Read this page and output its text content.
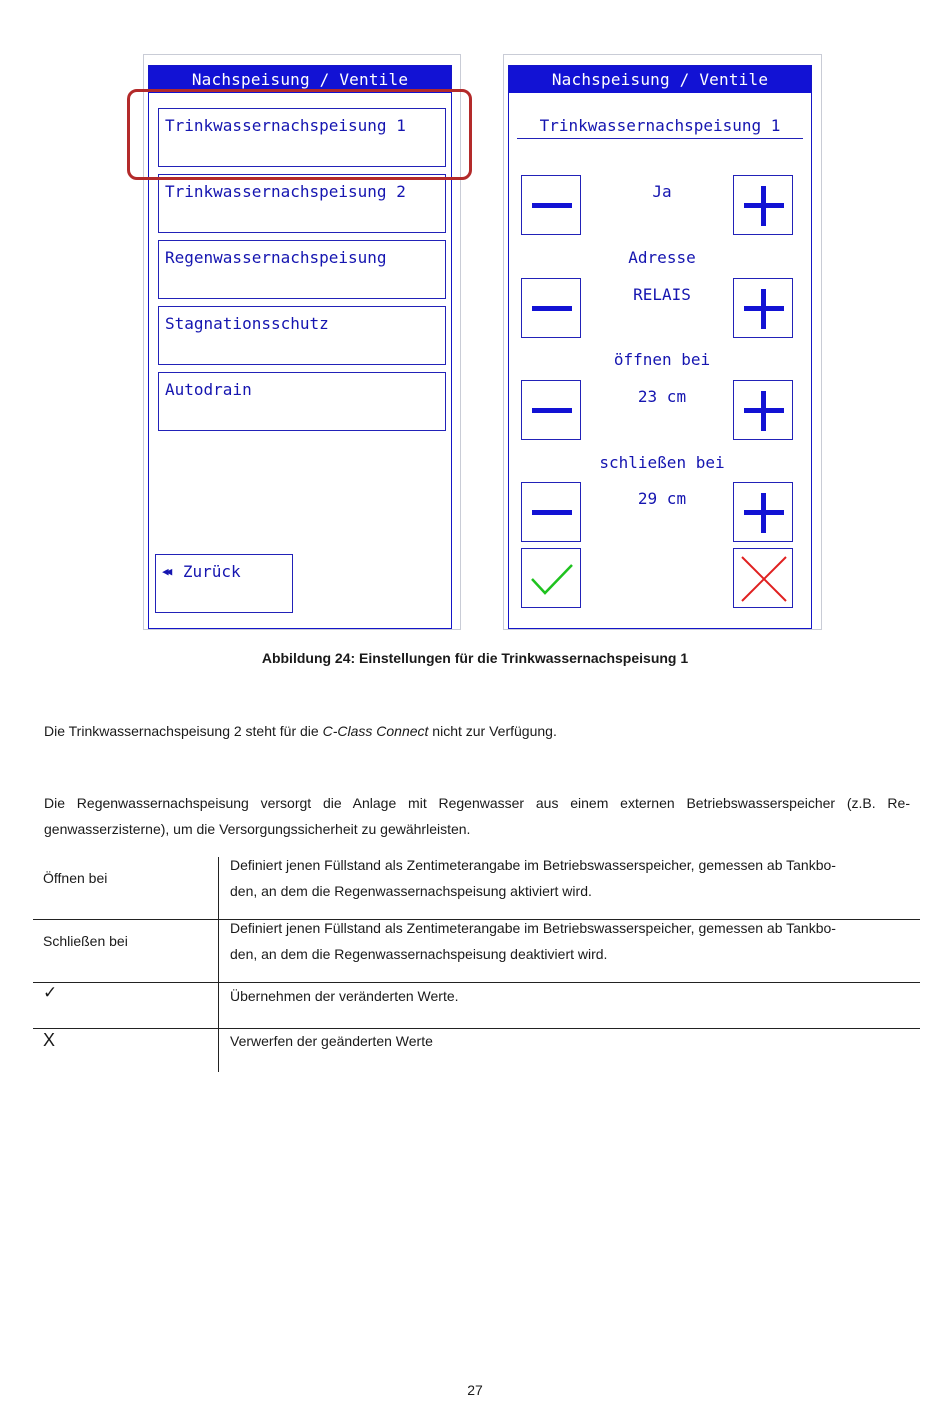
Nachspeisung / Ventile
Trinkwassernachspeisung 1
Trinkwassernachspeisung 2
Regenwassernachspeisung
Stagnationsschutz
Autodrain
◀◀ Zurück
Nachspeisung / Ventile
Trinkwassernachspeisung 1
Ja
Adresse
RELAIS
öffnen bei
23 cm
schließen bei
29 cm
Abbildung 24: Einstellungen für die Trinkwassernachspeisung 1
Die Trinkwassernachspeisung 2 steht für die C-Class Connect nicht zur Verfügung.
Die Regenwassernachspeisung versorgt die Anlage mit Regenwasser aus einem externen Betriebswasserspeicher (z.B. Re-
genwasserzisterne), um die Versorgungssicherheit zu gewährleisten.
Öffnen bei
Definiert jenen Füllstand als Zentimeterangabe im Betriebswasserspeicher, gemessen ab Tankbo-
den, an dem die Regenwassernachspeisung aktiviert wird.
Schließen bei
Definiert jenen Füllstand als Zentimeterangabe im Betriebswasserspeicher, gemessen ab Tankbo-
den, an dem die Regenwassernachspeisung deaktiviert wird.
✓	Übernehmen der veränderten Werte.
X	Verwerfen der geänderten Werte
27
